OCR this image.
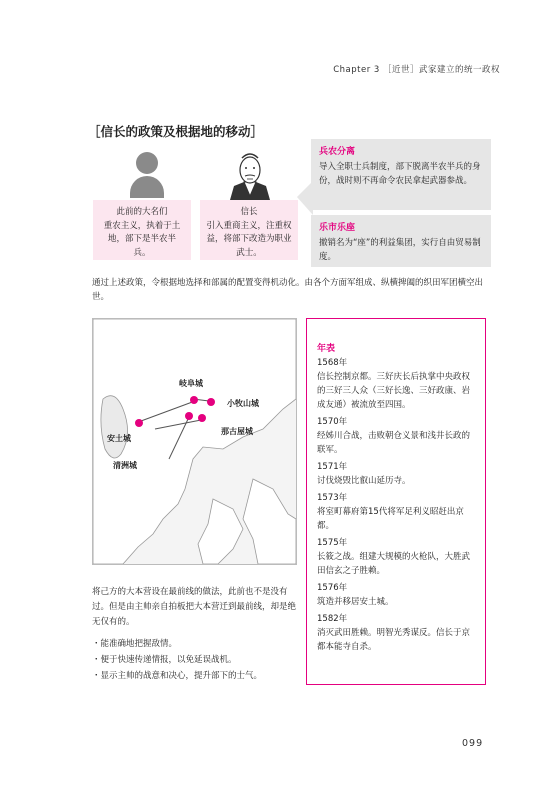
Chapter 3 ［近世］武家建立的统一政权
［信长的政策及根据地的移动］
此前的大名们
重农主义，执着于土地，部下是半农半兵。
信长
引入重商主义，注重权益，将部下改造为职业武士。
兵农分离
导入全职士兵制度，部下脱离半农半兵的身份，战时则不再命令农民拿起武器参战。
乐市乐座
撤销名为“座”的利益集团，实行自由贸易制度。
通过上述政策，令根据地选择和部属的配置变得机动化。由各个方面军组成、纵横捭阖的织田军团横空出世。
岐阜城
小牧山城
那古屋城
安土城
清洲城
年表
1568年
信长控制京都。三好庆长后执掌中央政权的三好三人众（三好长逸、三好政康、岩成友通）被流放至四国。
1570年
经姊川合战，击败朝仓义景和浅井长政的联军。
1571年
讨伐烧毁比叡山延历寺。
1573年
将室町幕府第15代将军足利义昭赶出京都。
1575年
长筱之战。组建大规模的火枪队，大胜武田信玄之子胜赖。
1576年
筑造并移居安土城。
1582年
消灭武田胜赖。明智光秀谋反。信长于京都本能寺自杀。
将己方的大本营设在最前线的做法，此前也不是没有过。但是由主帅亲自拍板把大本营迁到最前线，却是绝无仅有的。
・能准确地把握敌情。
・便于快速传递情报，以免延误战机。
・显示主帅的战意和决心，提升部下的士气。
099
